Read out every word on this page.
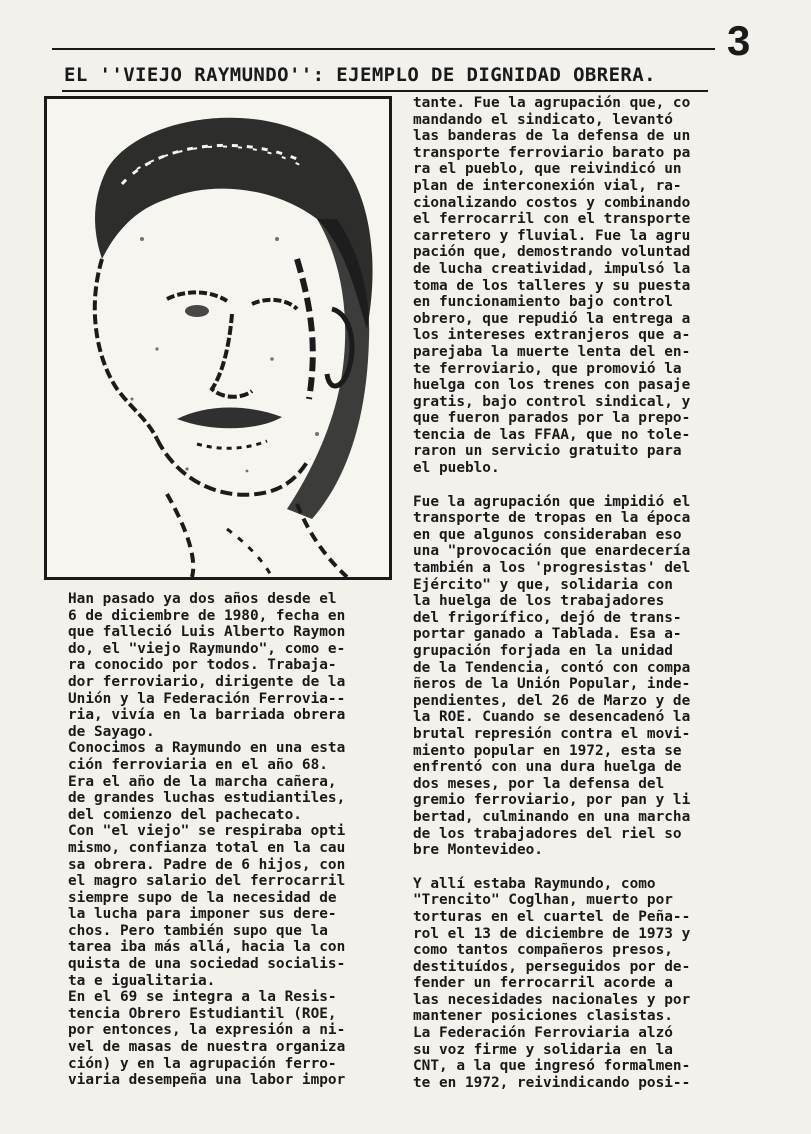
3
EL ''VIEJO RAYMUNDO'': EJEMPLO DE DIGNIDAD OBRERA.

Han pasado ya dos años desde el
6 de diciembre de 1980, fecha en
que falleció Luis Alberto Raymon
do, el "viejo Raymundo", como e-
ra conocido por todos. Trabaja-
dor ferroviario, dirigente de la
Unión y la Federación Ferrovia--
ria, vivía en la barriada obrera
de Sayago.

Conocimos a Raymundo en una esta
ción ferroviaria en el año 68.
Era el año de la marcha cañera,
de grandes luchas estudiantiles,
del comienzo del pachecato.

Con "el viejo" se respiraba opti
mismo, confianza total en la cau
sa obrera. Padre de 6 hijos, con
el magro salario del ferrocarril
siempre supo de la necesidad de
la lucha para imponer sus dere-
chos. Pero también supo que la
tarea iba más allá, hacia la con
quista de una sociedad socialis-
ta e igualitaria.

En el 69 se integra a la Resis-
tencia Obrero Estudiantil (ROE,
por entonces, la expresión a ni-
vel de masas de nuestra organiza
ción) y en la agrupación ferro-
viaria desempeña una labor impor

tante. Fue la agrupación que, co
mandando el sindicato, levantó
las banderas de la defensa de un
transporte ferroviario barato pa
ra el pueblo, que reivindicó un
plan de interconexión vial, ra-
cionalizando costos y combinando
el ferrocarril con el transporte
carretero y fluvial. Fue la agru
pación que, demostrando voluntad
de lucha creatividad, impulsó la
toma de los talleres y su puesta
en funcionamiento bajo control
obrero, que repudió la entrega a
los intereses extranjeros que a-
parejaba la muerte lenta del en-
te ferroviario, que promovió la
huelga con los trenes con pasaje
gratis, bajo control sindical, y
que fueron parados por la prepo-
tencia de las FFAA, que no tole-
raron un servicio gratuito para
el pueblo.

Fue la agrupación que impidió el
transporte de tropas en la época
en que algunos consideraban eso
una "provocación que enardecería
también a los 'progresistas' del
Ejército" y que, solidaria con
la huelga de los trabajadores
del frigorífico, dejó de trans-
portar ganado a Tablada. Esa a-
grupación forjada en la unidad
de la Tendencia, contó con compa
ñeros de la Unión Popular, inde-
pendientes, del 26 de Marzo y de
la ROE. Cuando se desencadenó la
brutal represión contra el movi-
miento popular en 1972, esta se
enfrentó con una dura huelga de
dos meses, por la defensa del
gremio ferroviario, por pan y li
bertad, culminando en una marcha
de los trabajadores del riel so
bre Montevideo.

Y allí estaba Raymundo, como
"Trencito" Coglhan, muerto por
torturas en el cuartel de Peña--
rol el 13 de diciembre de 1973 y
como tantos compañeros presos,
destituídos, perseguidos por de-
fender un ferrocarril acorde a
las necesidades nacionales y por
mantener posiciones clasistas.
La Federación Ferroviaria alzó
su voz firme y solidaria en la
CNT, a la que ingresó formalmen-
te en 1972, reivindicando posi--
